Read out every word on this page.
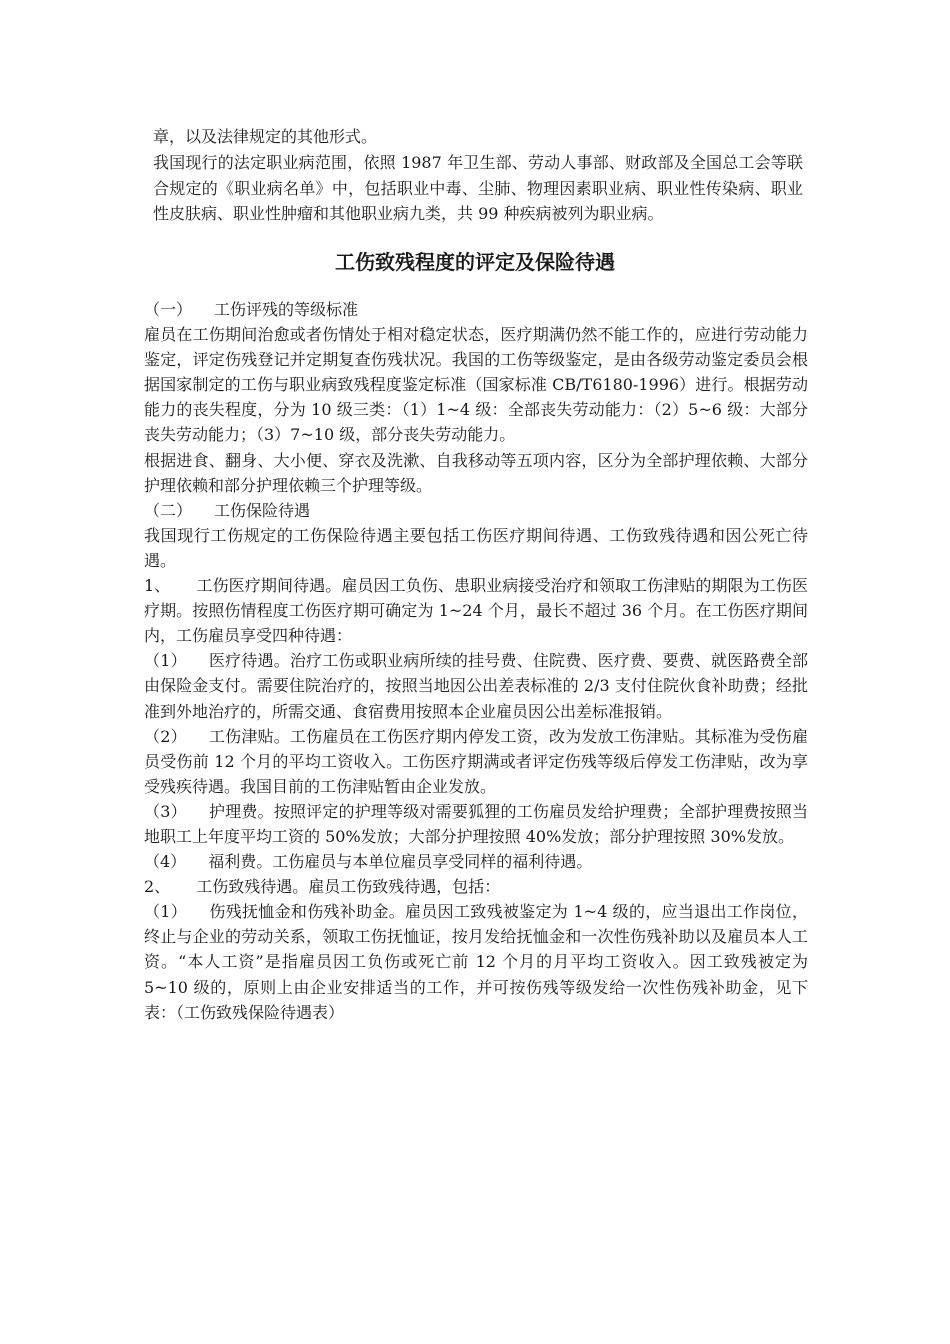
章，以及法律规定的其他形式。

我国现行的法定职业病范围，依照 1987 年卫生部、劳动人事部、财政部及全国总工会等联合规定的《职业病名单》中，包括职业中毒、尘肺、物理因素职业病、职业性传染病、职业性皮肤病、职业性肿瘤和其他职业病九类，共 99 种疾病被列为职业病。

工伤致残程度的评定及保险待遇

（一） 工伤评残的等级标准

雇员在工伤期间治愈或者伤情处于相对稳定状态，医疗期满仍然不能工作的，应进行劳动能力鉴定，评定伤残登记并定期复查伤残状况。我国的工伤等级鉴定，是由各级劳动鉴定委员会根据国家制定的工伤与职业病致残程度鉴定标准（国家标准 CB/T6180-1996）进行。根据劳动能力的丧失程度，分为 10 级三类：（1）1~4 级：全部丧失劳动能力：（2）5~6 级：大部分丧失劳动能力；（3）7~10 级，部分丧失劳动能力。

根据进食、翻身、大小便、穿衣及洗漱、自我移动等五项内容，区分为全部护理依赖、大部分护理依赖和部分护理依赖三个护理等级。

（二） 工伤保险待遇

我国现行工伤规定的工伤保险待遇主要包括工伤医疗期间待遇、工伤致残待遇和因公死亡待遇。

1、 工伤医疗期间待遇。雇员因工负伤、患职业病接受治疗和领取工伤津贴的期限为工伤医疗期。按照伤情程度工伤医疗期可确定为 1~24 个月，最长不超过 36 个月。在工伤医疗期间内，工伤雇员享受四种待遇：

（1） 医疗待遇。治疗工伤或职业病所续的挂号费、住院费、医疗费、要费、就医路费全部由保险金支付。需要住院治疗的，按照当地因公出差表标准的 2/3 支付住院伙食补助费；经批准到外地治疗的，所需交通、食宿费用按照本企业雇员因公出差标准报销。

（2） 工伤津贴。工伤雇员在工伤医疗期内停发工资，改为发放工伤津贴。其标准为受伤雇员受伤前 12 个月的平均工资收入。工伤医疗期满或者评定伤残等级后停发工伤津贴，改为享受残疾待遇。我国目前的工伤津贴暂由企业发放。

（3） 护理费。按照评定的护理等级对需要狐狸的工伤雇员发给护理费；全部护理费按照当地职工上年度平均工资的 50%发放；大部分护理按照 40%发放；部分护理按照 30%发放。

（4） 福利费。工伤雇员与本单位雇员享受同样的福利待遇。

2、 工伤致残待遇。雇员工伤致残待遇，包括：

（1） 伤残抚恤金和伤残补助金。雇员因工致残被鉴定为 1~4 级的，应当退出工作岗位，终止与企业的劳动关系，领取工伤抚恤证，按月发给抚恤金和一次性伤残补助以及雇员本人工资。“本人工资”是指雇员因工负伤或死亡前 12 个月的月平均工资收入。因工致残被定为 5~10 级的，原则上由企业安排适当的工作，并可按伤残等级发给一次性伤残补助金，见下表：（工伤致残保险待遇表）
